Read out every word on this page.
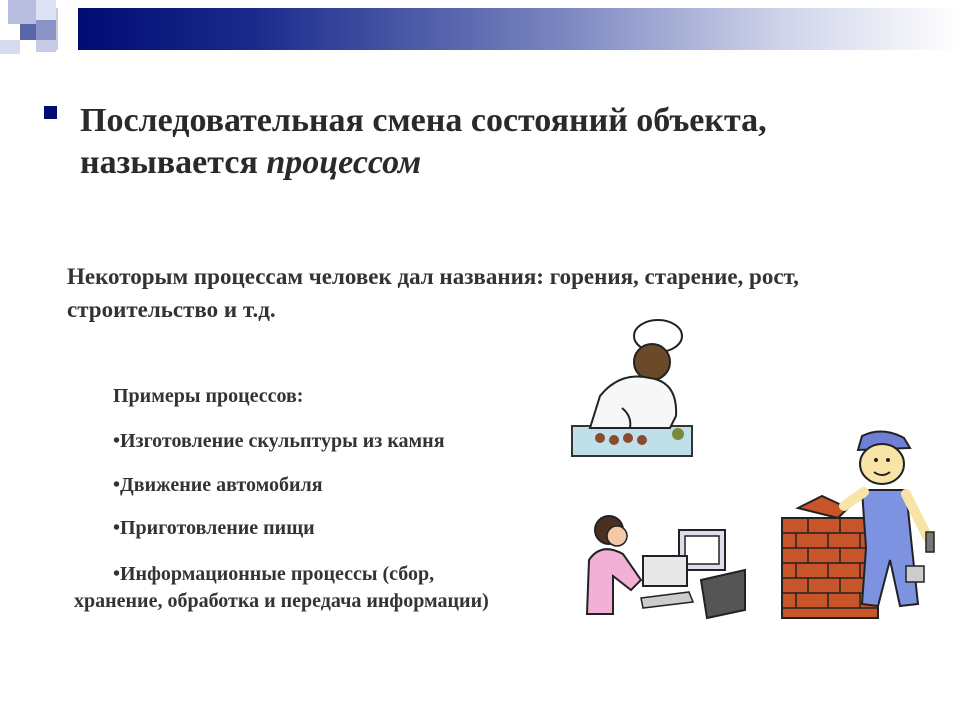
Последовательная смена состояний объекта,
называется процессом
Некоторым процессам человек дал названия: горения, старение, рост,
строительство и т.д.
Примеры процессов:
•Изготовление скульптуры из камня
•Движение автомобиля
•Приготовление пищи
•Информационные процессы (сбор,
хранение, обработка и передача информации)
